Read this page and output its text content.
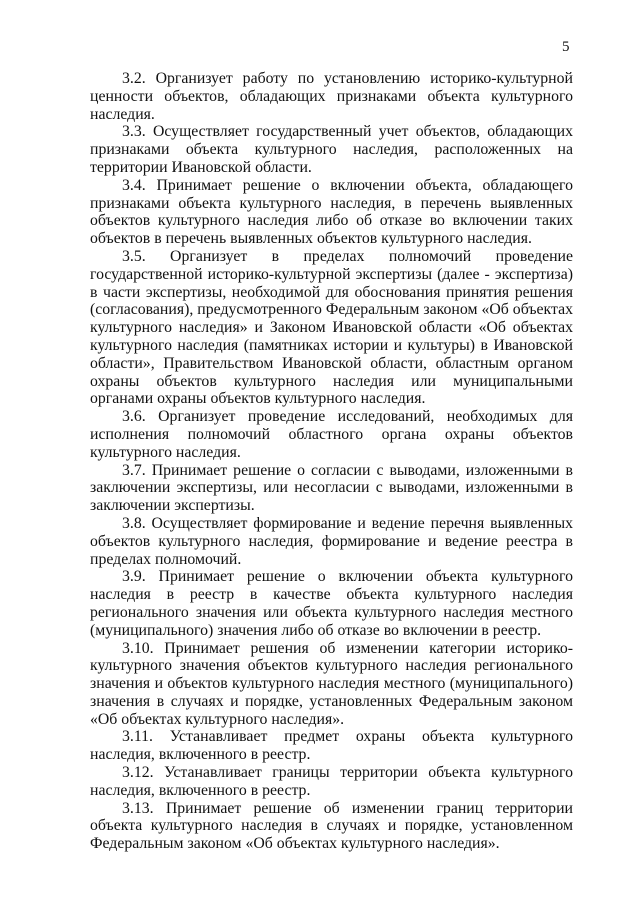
5

3.2. Организует работу по установлению историко-культурной ценности объектов, обладающих признаками объекта культурного наследия.

3.3. Осуществляет государственный учет объектов, обладающих признаками объекта культурного наследия, расположенных на территории Ивановской области.

3.4. Принимает решение о включении объекта, обладающего признаками объекта культурного наследия, в перечень выявленных объектов культурного наследия либо об отказе во включении таких объектов в перечень выявленных объектов культурного наследия.

3.5. Организует в пределах полномочий проведение государственной историко-культурной экспертизы (далее - экспертиза) в части экспертизы, необходимой для обоснования принятия решения (согласования), предусмотренного Федеральным законом «Об объектах культурного наследия» и Законом Ивановской области «Об объектах культурного наследия (памятниках истории и культуры) в Ивановской области», Правительством Ивановской области, областным органом охраны объектов культурного наследия или муниципальными органами охраны объектов культурного наследия.

3.6. Организует проведение исследований, необходимых для исполнения полномочий областного органа охраны объектов культурного наследия.

3.7. Принимает решение о согласии с выводами, изложенными в заключении экспертизы, или несогласии с выводами, изложенными в заключении экспертизы.

3.8. Осуществляет формирование и ведение перечня выявленных объектов культурного наследия, формирование и ведение реестра в пределах полномочий.

3.9. Принимает решение о включении объекта культурного наследия в реестр в качестве объекта культурного наследия регионального значения или объекта культурного наследия местного (муниципального) значения либо об отказе во включении в реестр.

3.10. Принимает решения об изменении категории историко-культурного значения объектов культурного наследия регионального значения и объектов культурного наследия местного (муниципального) значения в случаях и порядке, установленных Федеральным законом «Об объектах культурного наследия».

3.11. Устанавливает предмет охраны объекта культурного наследия, включенного в реестр.

3.12. Устанавливает границы территории объекта культурного наследия, включенного в реестр.

3.13. Принимает решение об изменении границ территории объекта культурного наследия в случаях и порядке, установленном Федеральным законом «Об объектах культурного наследия».
